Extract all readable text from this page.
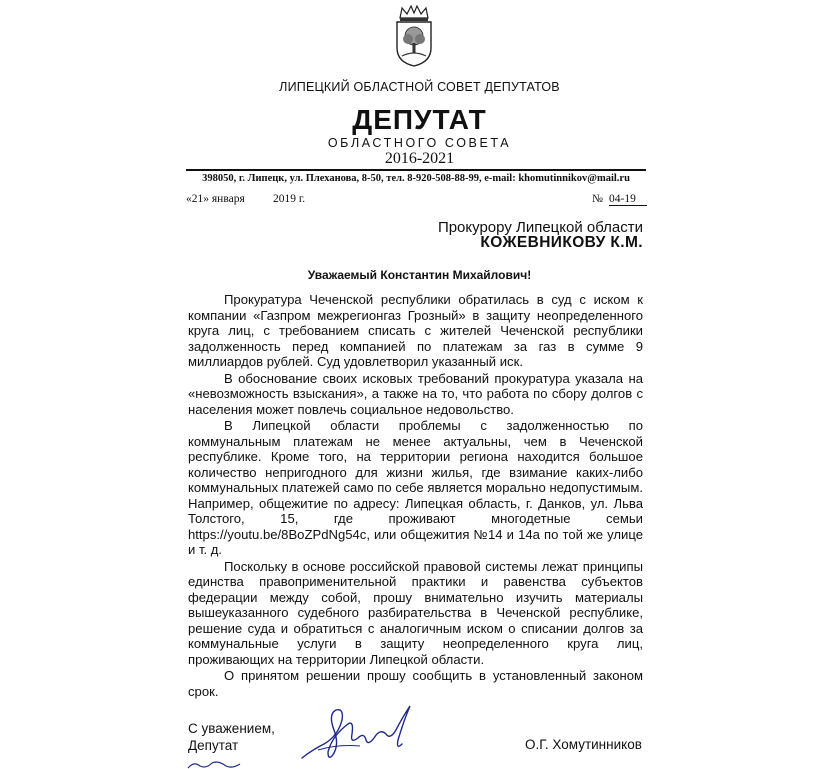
ЛИПЕЦКИЙ ОБЛАСТНОЙ СОВЕТ ДЕПУТАТОВ
ДЕПУТАТ
ОБЛАСТНОГО СОВЕТА
2016-2021
398050, г. Липецк, ул. Плеханова, 8-50, тел. 8-920-508-88-99, e-mail: khomutinnikov@mail.ru
«21» января 2019 г.	№ 04-19
Прокурору Липецкой области
КОЖЕВНИКОВУ К.М.
Уважаемый Константин Михайлович!

Прокуратура Чеченской республики обратилась в суд с иском к компании «Газпром межрегионгаз Грозный» в защиту неопределенного круга лиц, с требованием списать с жителей Чеченской республики задолженность перед компанией по платежам за газ в сумме 9 миллиардов рублей. Суд удовлетворил указанный иск.

В обоснование своих исковых требований прокуратура указала на «невозможность взыскания», а также на то, что работа по сбору долгов с населения может повлечь социальное недовольство.

В Липецкой области проблемы с задолженностью по коммунальным платежам не менее актуальны, чем в Чеченской республике. Кроме того, на территории региона находится большое количество непригодного для жизни жилья, где взимание каких-либо коммунальных платежей само по себе является морально недопустимым. Например, общежитие по адресу: Липецкая область, г. Данков, ул. Льва Толстого, 15, где проживают многодетные семьи https://youtu.be/8BoZPdNg54c, или общежития №14 и 14а по той же улице и т. д.

Поскольку в основе российской правовой системы лежат принципы единства правоприменительной практики и равенства субъектов федерации между собой, прошу внимательно изучить материалы вышеуказанного судебного разбирательства в Чеченской республике, решение суда и обратиться с аналогичным иском о списании долгов за коммунальные услуги в защиту неопределенного круга лиц, проживающих на территории Липецкой области.

О принятом решении прошу сообщить в установленный законом срок.

С уважением,
Депутат	О.Г. Хомутинников
